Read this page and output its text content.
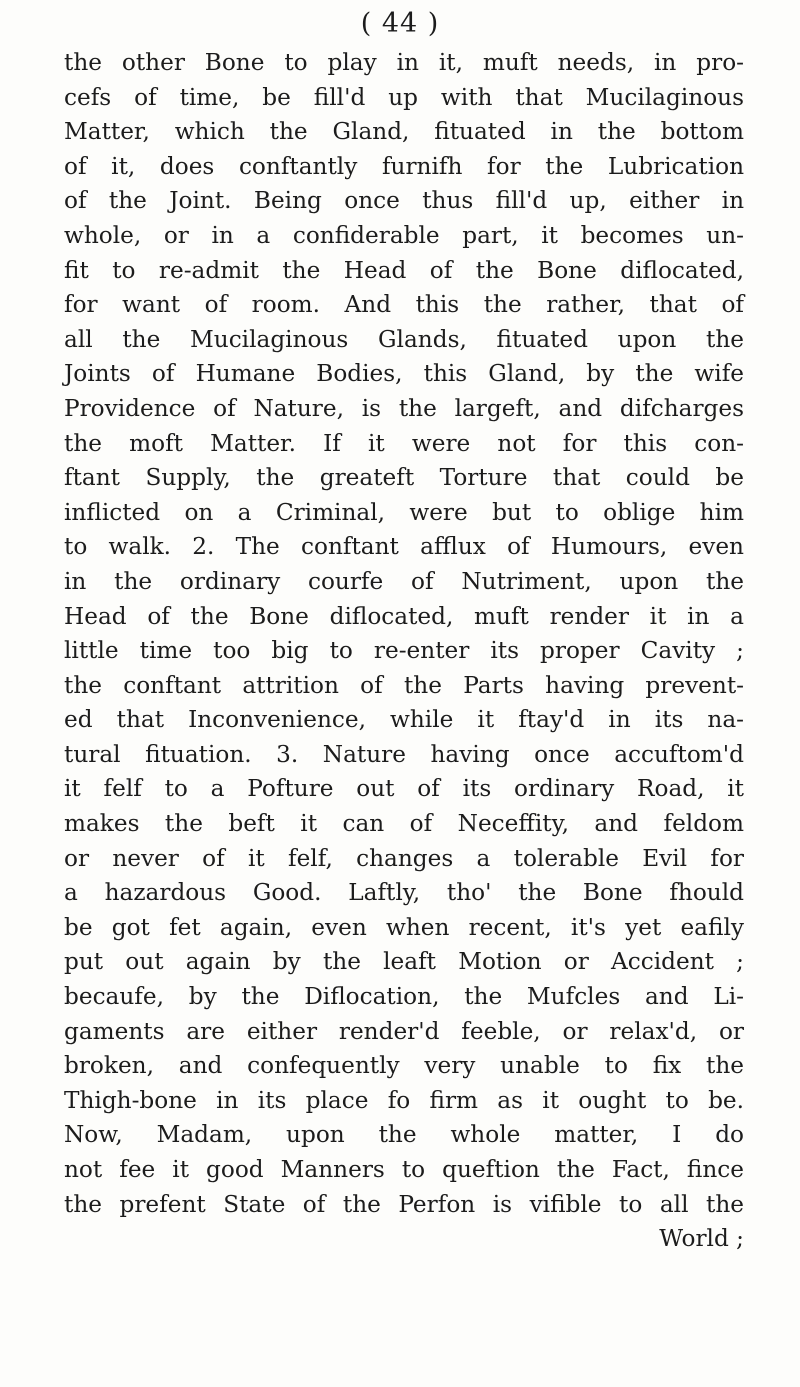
( 44 )
the other Bone to play in it, muft needs, in pro-
cefs of time, be fill'd up with that Mucilaginous
Matter, which the Gland, fituated in the bottom
of it, does conftantly furnifh for the Lubrication
of the Joint. Being once thus fill'd up, either in
whole, or in a confiderable part, it becomes un-
fit to re-admit the Head of the Bone diflocated,
for want of room. And this the rather, that of
all the Mucilaginous Glands, fituated upon the
Joints of Humane Bodies, this Gland, by the wife
Providence of Nature, is the largeft, and difcharges
the moft Matter. If it were not for this con-
ftant Supply, the greateft Torture that could be
inflicted on a Criminal, were but to oblige him
to walk. 2. The conftant afflux of Humours, even
in the ordinary courfe of Nutriment, upon the
Head of the Bone diflocated, muft render it in a
little time too big to re-enter its proper Cavity ;
the conftant attrition of the Parts having prevent-
ed that Inconvenience, while it ftay'd in its na-
tural fituation. 3. Nature having once accuftom'd
it felf to a Pofture out of its ordinary Road, it
makes the beft it can of Neceffity, and feldom
or never of it felf, changes a tolerable Evil for
a hazardous Good. Laftly, tho' the Bone fhould
be got fet again, even when recent, it's yet eafily
put out again by the leaft Motion or Accident ;
becaufe, by the Diflocation, the Mufcles and Li-
gaments are either render'd feeble, or relax'd, or
broken, and confequently very unable to fix the
Thigh-bone in its place fo firm as it ought to be.
Now, Madam, upon the whole matter, I do
not fee it good Manners to queftion the Fact, fince
the prefent State of the Perfon is vifible to all the
World ;
